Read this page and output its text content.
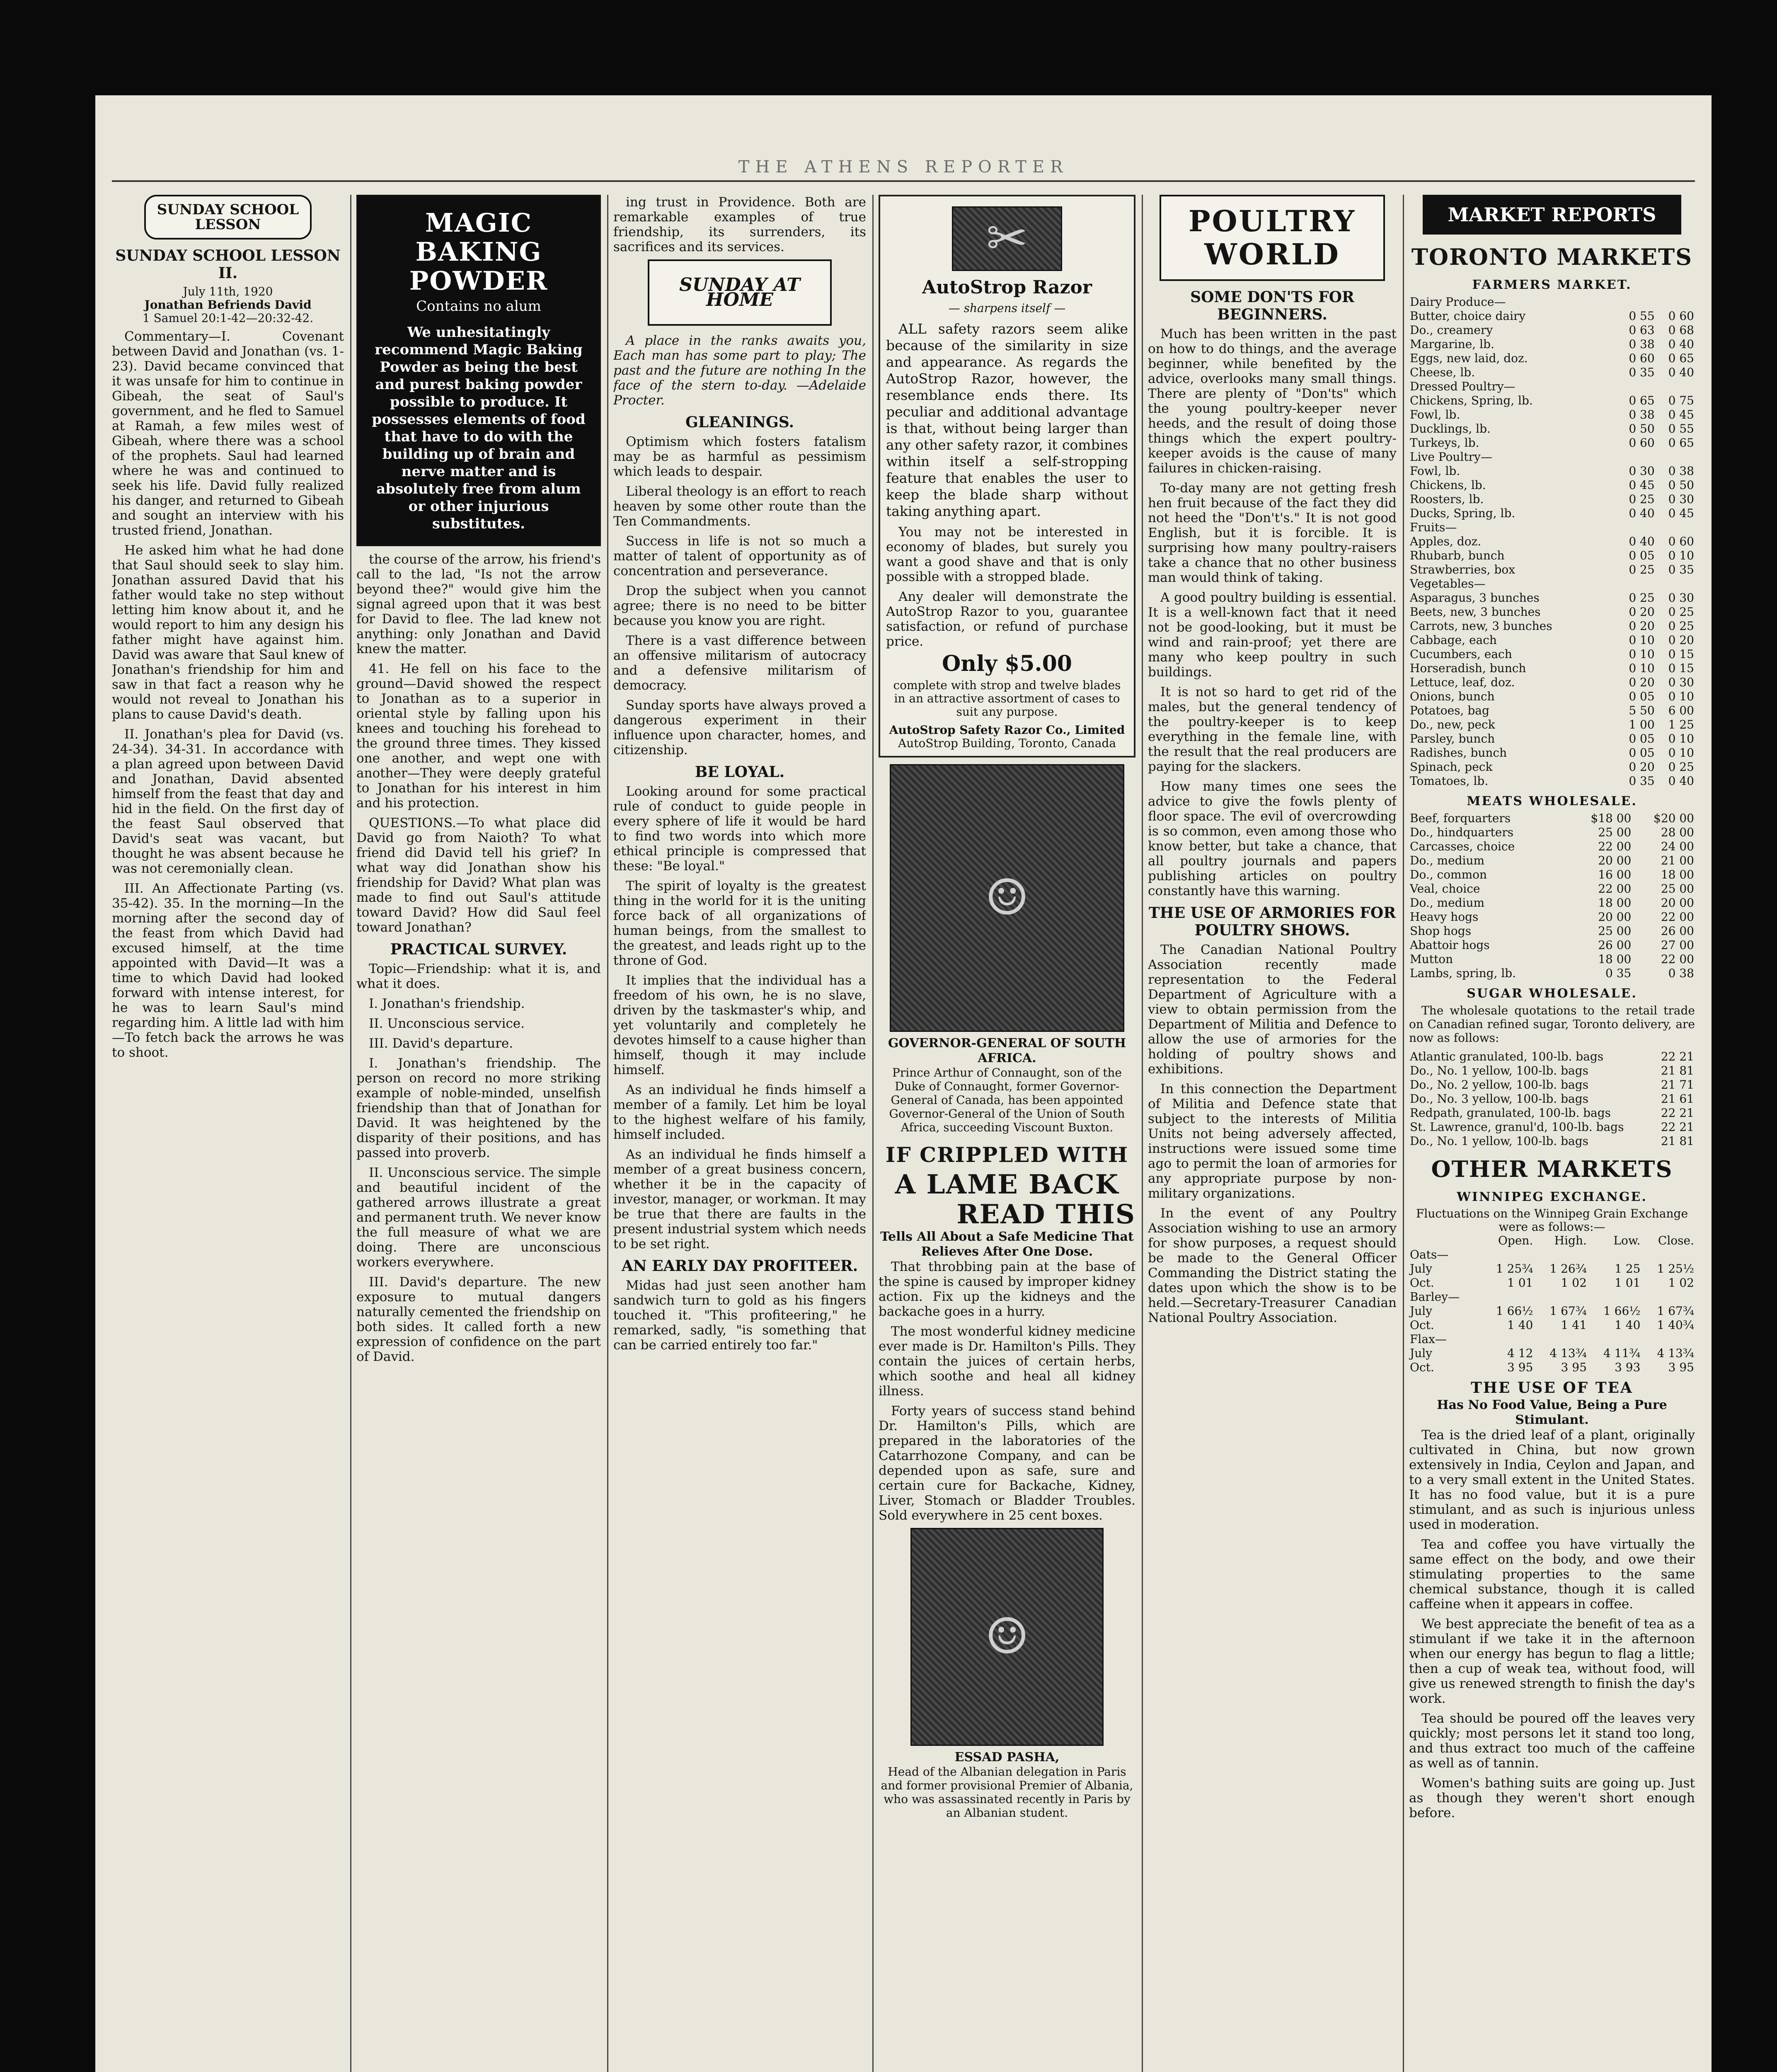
THE ATHENS REPORTER
SUNDAY SCHOOL LESSON
SUNDAY SCHOOL LESSON II.
July 11th, 1920
Jonathan Befriends David
1 Samuel 20:1-42—20:32-42.

Commentary—I. Covenant between David and Jonathan (vs. 1-23). David became convinced that it was unsafe for him to continue in Gibeah, the seat of Saul's government, and he fled to Samuel at Ramah, a few miles west of Gibeah, where there was a school of the prophets. Saul had learned where he was and continued to seek his life. David fully realized his danger, and returned to Gibeah and sought an interview with his trusted friend, Jonathan.

He asked him what he had done that Saul should seek to slay him. Jonathan assured David that his father would take no step without letting him know about it, and he would report to him any design his father might have against him. David was aware that Saul knew of Jonathan's friendship for him and saw in that fact a reason why he would not reveal to Jonathan his plans to cause David's death.

II. Jonathan's plea for David (vs. 24-34). 34-31. In accordance with a plan agreed upon between David and Jonathan, David absented himself from the feast that day and hid in the field. On the first day of the feast Saul observed that David's seat was vacant, but thought he was absent because he was not ceremonially clean.

III. An Affectionate Parting (vs. 35-42). 35. In the morning—In the morning after the second day of the feast from which David had excused himself, at the time appointed with David—It was a time to which David had looked forward with intense interest, for he was to learn Saul's mind regarding him. A little lad with him—To fetch back the arrows he was to shoot.

MAGIC
BAKING
POWDER
Contains no alum
We unhesitatingly recommend Magic Baking Powder as being the best and purest baking powder possible to produce. It possesses elements of food that have to do with the building up of brain and nerve matter and is absolutely free from alum or other injurious substitutes.

the course of the arrow, his friend's call to the lad, "Is not the arrow beyond thee?" would give him the signal agreed upon that it was best for David to flee. The lad knew not anything: only Jonathan and David knew the matter.

41. He fell on his face to the ground—David showed the respect to Jonathan as to a superior in oriental style by falling upon his knees and touching his forehead to the ground three times. They kissed one another, and wept one with another—They were deeply grateful to Jonathan for his interest in him and his protection.

QUESTIONS.—To what place did David go from Naioth? To what friend did David tell his grief? In what way did Jonathan show his friendship for David? What plan was made to find out Saul's attitude toward David? How did Saul feel toward Jonathan?

PRACTICAL SURVEY.

Topic—Friendship: what it is, and what it does.

I. Jonathan's friendship.

II. Unconscious service.

III. David's departure.

I. Jonathan's friendship. The person on record no more striking example of noble-minded, unselfish friendship than that of Jonathan for David. It was heightened by the disparity of their positions, and has passed into proverb.

II. Unconscious service. The simple and beautiful incident of the gathered arrows illustrate a great and permanent truth. We never know the full measure of what we are doing. There are unconscious workers everywhere.

III. David's departure. The new exposure to mutual dangers naturally cemented the friendship on both sides. It called forth a new expression of confidence on the part of David.

ing trust in Providence. Both are remarkable examples of true friendship, its surrenders, its sacrifices and its services.

SUNDAY AT HOME

A place in the ranks awaits you, Each man has some part to play; The past and the future are nothing In the face of the stern to-day. —Adelaide Procter.

GLEANINGS.

Optimism which fosters fatalism may be as harmful as pessimism which leads to despair.

Liberal theology is an effort to reach heaven by some other route than the Ten Commandments.

Success in life is not so much a matter of talent of opportunity as of concentration and perseverance.

Drop the subject when you cannot agree; there is no need to be bitter because you know you are right.

There is a vast difference between an offensive militarism of autocracy and a defensive militarism of democracy.

Sunday sports have always proved a dangerous experiment in their influence upon character, homes, and citizenship.

BE LOYAL.

Looking around for some practical rule of conduct to guide people in every sphere of life it would be hard to find two words into which more ethical principle is compressed that these: "Be loyal."

The spirit of loyalty is the greatest thing in the world for it is the uniting force back of all organizations of human beings, from the smallest to the greatest, and leads right up to the throne of God.

It implies that the individual has a freedom of his own, he is no slave, driven by the taskmaster's whip, and yet voluntarily and completely he devotes himself to a cause higher than himself, though it may include himself.

As an individual he finds himself a member of a family. Let him be loyal to the highest welfare of his family, himself included.

As an individual he finds himself a member of a great business concern, whether it be in the capacity of investor, manager, or workman. It may be true that there are faults in the present industrial system which needs to be set right.

AN EARLY DAY PROFITEER.

Midas had just seen another ham sandwich turn to gold as his fingers touched it. "This profiteering," he remarked, sadly, "is something that can be carried entirely too far."

✂
AutoStrop Razor
— sharpens itself —

ALL safety razors seem alike because of the similarity in size and appearance. As regards the AutoStrop Razor, however, the resemblance ends there. Its peculiar and additional advantage is that, without being larger than any other safety razor, it combines within itself a self-stropping feature that enables the user to keep the blade sharp without taking anything apart.

You may not be interested in economy of blades, but surely you want a good shave and that is only possible with a stropped blade.

Any dealer will demonstrate the AutoStrop Razor to you, guarantee satisfaction, or refund of purchase price.

Only $5.00
complete with strop and twelve blades in an attractive assortment of cases to suit any purpose.
AutoStrop Safety Razor Co., Limited
AutoStrop Building, Toronto, Canada
☺
GOVERNOR-GENERAL OF SOUTH AFRICA.
Prince Arthur of Connaught, son of the Duke of Connaught, former Governor-General of Canada, has been appointed Governor-General of the Union of South Africa, succeeding Viscount Buxton.
IF CRIPPLED WITH
A LAME BACK
READ THIS
Tells All About a Safe Medicine That Relieves After One Dose.

That throbbing pain at the base of the spine is caused by improper kidney action. Fix up the kidneys and the backache goes in a hurry.

The most wonderful kidney medicine ever made is Dr. Hamilton's Pills. They contain the juices of certain herbs, which soothe and heal all kidney illness.

Forty years of success stand behind Dr. Hamilton's Pills, which are prepared in the laboratories of the Catarrhozone Company, and can be depended upon as safe, sure and certain cure for Backache, Kidney, Liver, Stomach or Bladder Troubles. Sold everywhere in 25 cent boxes.

☺
ESSAD PASHA,
Head of the Albanian delegation in Paris and former provisional Premier of Albania, who was assassinated recently in Paris by an Albanian student.
POULTRY
WORLD
SOME DON'TS FOR BEGINNERS.

Much has been written in the past on how to do things, and the average beginner, while benefited by the advice, overlooks many small things. There are plenty of "Don'ts" which the young poultry-keeper never heeds, and the result of doing those things which the expert poultry-keeper avoids is the cause of many failures in chicken-raising.

To-day many are not getting fresh hen fruit because of the fact they did not heed the "Don't's." It is not good English, but it is forcible. It is surprising how many poultry-raisers take a chance that no other business man would think of taking.

A good poultry building is essential. It is a well-known fact that it need not be good-looking, but it must be wind and rain-proof; yet there are many who keep poultry in such buildings.

It is not so hard to get rid of the males, but the general tendency of the poultry-keeper is to keep everything in the female line, with the result that the real producers are paying for the slackers.

How many times one sees the advice to give the fowls plenty of floor space. The evil of overcrowding is so common, even among those who know better, but take a chance, that all poultry journals and papers publishing articles on poultry constantly have this warning.

THE USE OF ARMORIES FOR POULTRY SHOWS.

The Canadian National Poultry Association recently made representation to the Federal Department of Agriculture with a view to obtain permission from the Department of Militia and Defence to allow the use of armories for the holding of poultry shows and exhibitions.

In this connection the Department of Militia and Defence state that subject to the interests of Militia Units not being adversely affected, instructions were issued some time ago to permit the loan of armories for any appropriate purpose by non-military organizations.

In the event of any Poultry Association wishing to use an armory for show purposes, a request should be made to the General Officer Commanding the District stating the dates upon which the show is to be held.—Secretary-Treasurer Canadian National Poultry Association.

MARKET REPORTS
TORONTO MARKETS
FARMERS MARKET.
Dairy Produce—		
Butter, choice dairy	0 55	0 60
Do., creamery	0 63	0 68
Margarine, lb.	0 38	0 40
Eggs, new laid, doz.	0 60	0 65
Cheese, lb.	0 35	0 40
Dressed Poultry—		
Chickens, Spring, lb.	0 65	0 75
Fowl, lb.	0 38	0 45
Ducklings, lb.	0 50	0 55
Turkeys, lb.	0 60	0 65
Live Poultry—		
Fowl, lb.	0 30	0 38
Chickens, lb.	0 45	0 50
Roosters, lb.	0 25	0 30
Ducks, Spring, lb.	0 40	0 45
Fruits—		
Apples, doz.	0 40	0 60
Rhubarb, bunch	0 05	0 10
Strawberries, box	0 25	0 35
Vegetables—		
Asparagus, 3 bunches	0 25	0 30
Beets, new, 3 bunches	0 20	0 25
Carrots, new, 3 bunches	0 20	0 25
Cabbage, each	0 10	0 20
Cucumbers, each	0 10	0 15
Horseradish, bunch	0 10	0 15
Lettuce, leaf, doz.	0 20	0 30
Onions, bunch	0 05	0 10
Potatoes, bag	5 50	6 00
Do., new, peck	1 00	1 25
Parsley, bunch	0 05	0 10
Radishes, bunch	0 05	0 10
Spinach, peck	0 20	0 25
Tomatoes, lb.	0 35	0 40
MEATS WHOLESALE.
Beef, forquarters	$18 00	$20 00
Do., hindquarters	25 00	28 00
Carcasses, choice	22 00	24 00
Do., medium	20 00	21 00
Do., common	16 00	18 00
Veal, choice	22 00	25 00
Do., medium	18 00	20 00
Heavy hogs	20 00	22 00
Shop hogs	25 00	26 00
Abattoir hogs	26 00	27 00
Mutton	18 00	22 00
Lambs, spring, lb.	0 35	0 38
SUGAR WHOLESALE.

The wholesale quotations to the retail trade on Canadian refined sugar, Toronto delivery, are now as follows:

Atlantic granulated, 100-lb. bags	22 21
Do., No. 1 yellow, 100-lb. bags	21 81
Do., No. 2 yellow, 100-lb. bags	21 71
Do., No. 3 yellow, 100-lb. bags	21 61
Redpath, granulated, 100-lb. bags	22 21
St. Lawrence, granul'd, 100-lb. bags	22 21
Do., No. 1 yellow, 100-lb. bags	21 81
OTHER MARKETS
WINNIPEG EXCHANGE.
Fluctuations on the Winnipeg Grain Exchange were as follows:—
	Open.	High.	Low.	Close.
Oats—				
July	1 25¾	1 26¾	1 25	1 25½
Oct.	1 01	1 02	1 01	1 02
Barley—				
July	1 66½	1 67¾	1 66½	1 67¾
Oct.	1 40	1 41	1 40	1 40¾
Flax—				
July	4 12	4 13¾	4 11¾	4 13¾
Oct.	3 95	3 95	3 93	3 95
THE USE OF TEA
Has No Food Value, Being a Pure Stimulant.

Tea is the dried leaf of a plant, originally cultivated in China, but now grown extensively in India, Ceylon and Japan, and to a very small extent in the United States. It has no food value, but it is a pure stimulant, and as such is injurious unless used in moderation.

Tea and coffee you have virtually the same effect on the body, and owe their stimulating properties to the same chemical substance, though it is called caffeine when it appears in coffee.

We best appreciate the benefit of tea as a stimulant if we take it in the afternoon when our energy has begun to flag a little; then a cup of weak tea, without food, will give us renewed strength to finish the day's work.

Tea should be poured off the leaves very quickly; most persons let it stand too long, and thus extract too much of the caffeine as well as of tannin.

Women's bathing suits are going up. Just as though they weren't short enough before.
